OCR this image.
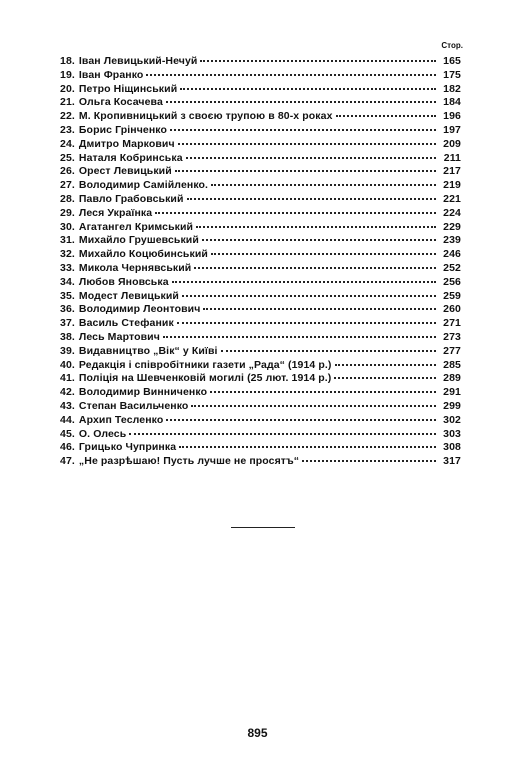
Стор.
18. Іван Левицький-Нечуй	165
19. Іван Франко	175
20. Петро Ніщинський	182
21. Ольга Косачева	184
22. М. Кропивницький з своєю трупою в 80-х роках	196
23. Борис Грінченко	197
24. Дмитро Маркович	209
25. Наталя Кобринська	211
26. Орест Левицький	217
27. Володимир Самійленко.	219
28. Павло Грабовський	221
29. Леся Українка	224
30. Агатангел Кримський	229
31. Михайло Грушевський	239
32. Михайло Коцюбинський	246
33. Микола Чернявський	252
34. Любов Яновська	256
35. Модест Левицький	259
36. Володимир Леонтович	260
37. Василь Стефаник	271
38. Лесь Мартович	273
39. Видавництво „Вік“ у Київі	277
40. Редакція і співробітники газети „Рада“ (1914 р.)	285
41. Поліція на Шевченковій могилі (25 лют. 1914 р.)	289
42. Володимир Винниченко	291
43. Степан Васильченко	299
44. Архип Тесленко	302
45. О. Олесь	303
46. Грицько Чупринка	308
47. „Не разрѣшаю! Пусть лучше не просятъ“	317
895
